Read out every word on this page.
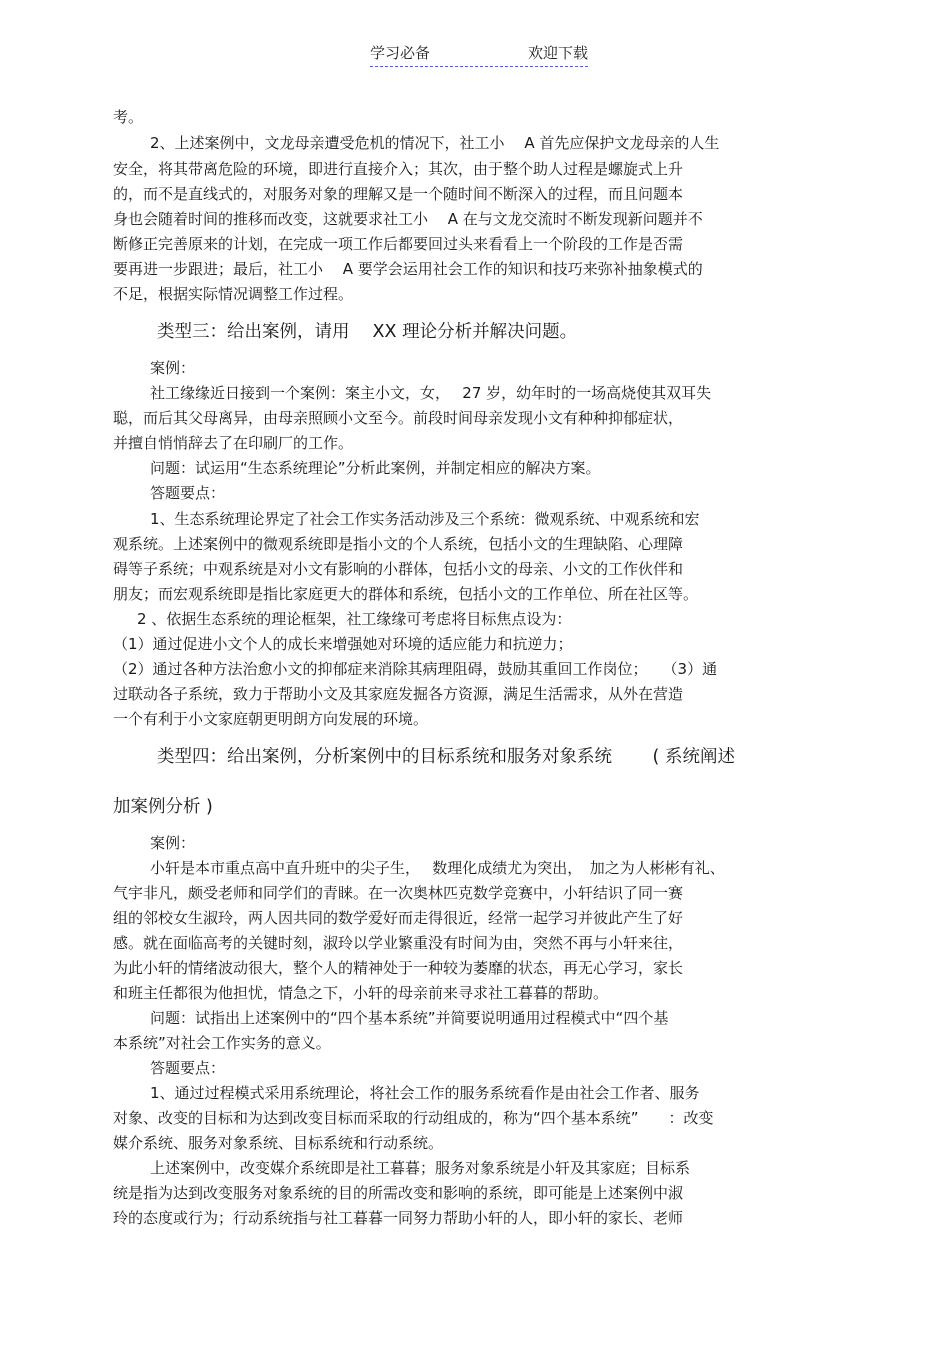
学习必备	欢迎下载

考。

2、上述案例中，文龙母亲遭受危机的情况下，社工小　 A 首先应保护文龙母亲的人生

安全，将其带离危险的环境，即进行直接介入；其次，由于整个助人过程是螺旋式上升

的，而不是直线式的，对服务对象的理解又是一个随时间不断深入的过程，而且问题本

身也会随着时间的推移而改变，这就要求社工小　 A 在与文龙交流时不断发现新问题并不

断修正完善原来的计划，在完成一项工作后都要回过头来看看上一个阶段的工作是否需

要再进一步跟进；最后，社工小　 A 要学会运用社会工作的知识和技巧来弥补抽象模式的

不足，根据实际情况调整工作过程。

类型三：给出案例，请用　 XX 理论分析并解决问题。

案例：

社工缘缘近日接到一个案例：案主小文，女，　 27 岁，幼年时的一场高烧使其双耳失

聪，而后其父母离异，由母亲照顾小文至今。前段时间母亲发现小文有种种抑郁症状，

并擅自悄悄辞去了在印刷厂的工作。

问题：试运用“生态系统理论”分析此案例，并制定相应的解决方案。

答题要点：

1、生态系统理论界定了社会工作实务活动涉及三个系统：微观系统、中观系统和宏

观系统。上述案例中的微观系统即是指小文的个人系统，包括小文的生理缺陷、心理障

碍等子系统；中观系统是对小文有影响的小群体，包括小文的母亲、小文的工作伙伴和

朋友；而宏观系统即是指比家庭更大的群体和系统，包括小文的工作单位、所在社区等。

2 、依据生态系统的理论框架，社工缘缘可考虑将目标焦点设为：

（1）通过促进小文个人的成长来增强她对环境的适应能力和抗逆力；

（2）通过各种方法治愈小文的抑郁症来消除其病理阻碍，鼓励其重回工作岗位；　　（3）通

过联动各子系统，致力于帮助小文及其家庭发掘各方资源，满足生活需求，从外在营造

一个有利于小文家庭朝更明朗方向发展的环境。

类型四：给出案例，分析案例中的目标系统和服务对象系统　　 ( 系统阐述

加案例分析 )

案例：

小轩是本市重点高中直升班中的尖子生，　 数理化成绩尤为突出，　加之为人彬彬有礼、

气宇非凡，颇受老师和同学们的青睐。在一次奥林匹克数学竞赛中，小轩结识了同一赛

组的邻校女生淑玲，两人因共同的数学爱好而走得很近，经常一起学习并彼此产生了好

感。就在面临高考的关键时刻，淑玲以学业繁重没有时间为由，突然不再与小轩来往，

为此小轩的情绪波动很大，整个人的精神处于一种较为萎靡的状态，再无心学习，家长

和班主任都很为他担忧，情急之下，小轩的母亲前来寻求社工暮暮的帮助。

问题：试指出上述案例中的“四个基本系统”并简要说明通用过程模式中“四个基

本系统”对社会工作实务的意义。

答题要点：

1、通过过程模式采用系统理论，将社会工作的服务系统看作是由社会工作者、服务

对象、改变的目标和为达到改变目标而采取的行动组成的，称为“四个基本系统”　　：改变

媒介系统、服务对象系统、目标系统和行动系统。

上述案例中，改变媒介系统即是社工暮暮；服务对象系统是小轩及其家庭；目标系

统是指为达到改变服务对象系统的目的所需改变和影响的系统，即可能是上述案例中淑

玲的态度或行为；行动系统指与社工暮暮一同努力帮助小轩的人，即小轩的家长、老师
